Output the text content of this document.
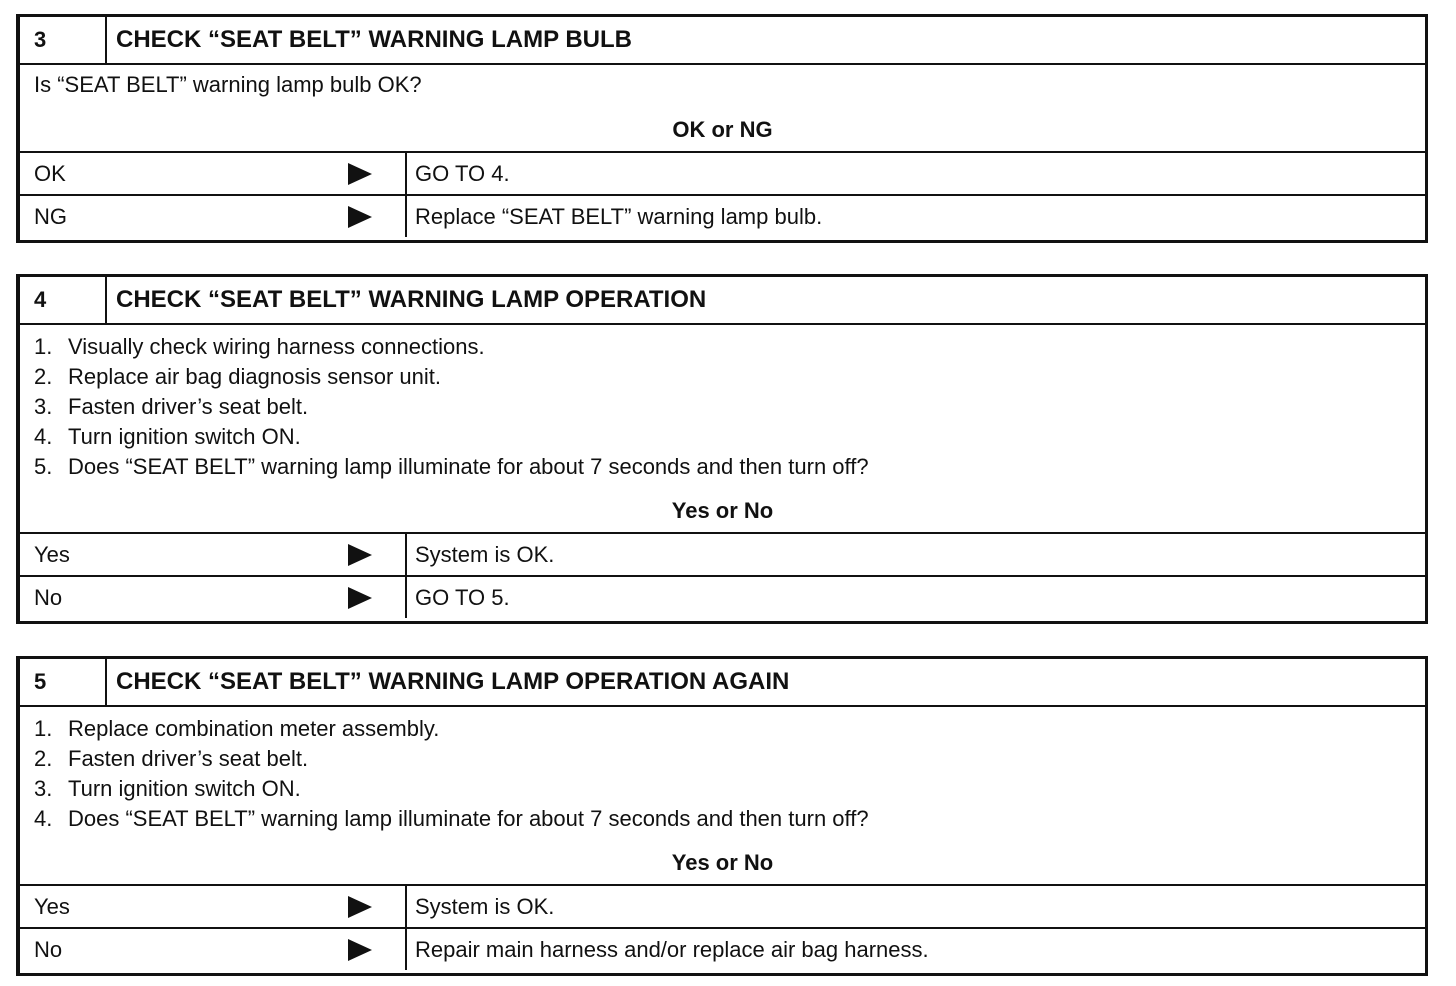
3	CHECK “SEAT BELT” WARNING LAMP BULB
Is “SEAT BELT” warning lamp bulb OK?
OK or NG
OK	GO TO 4.
NG	Replace “SEAT BELT” warning lamp bulb.
4	CHECK “SEAT BELT” WARNING LAMP OPERATION
1. Visually check wiring harness connections.
2. Replace air bag diagnosis sensor unit.
3. Fasten driver’s seat belt.
4. Turn ignition switch ON.
5. Does “SEAT BELT” warning lamp illuminate for about 7 seconds and then turn off?
Yes or No
Yes	System is OK.
No	GO TO 5.
5	CHECK “SEAT BELT” WARNING LAMP OPERATION AGAIN
1. Replace combination meter assembly.
2. Fasten driver’s seat belt.
3. Turn ignition switch ON.
4. Does “SEAT BELT” warning lamp illuminate for about 7 seconds and then turn off?
Yes or No
Yes	System is OK.
No	Repair main harness and/or replace air bag harness.
